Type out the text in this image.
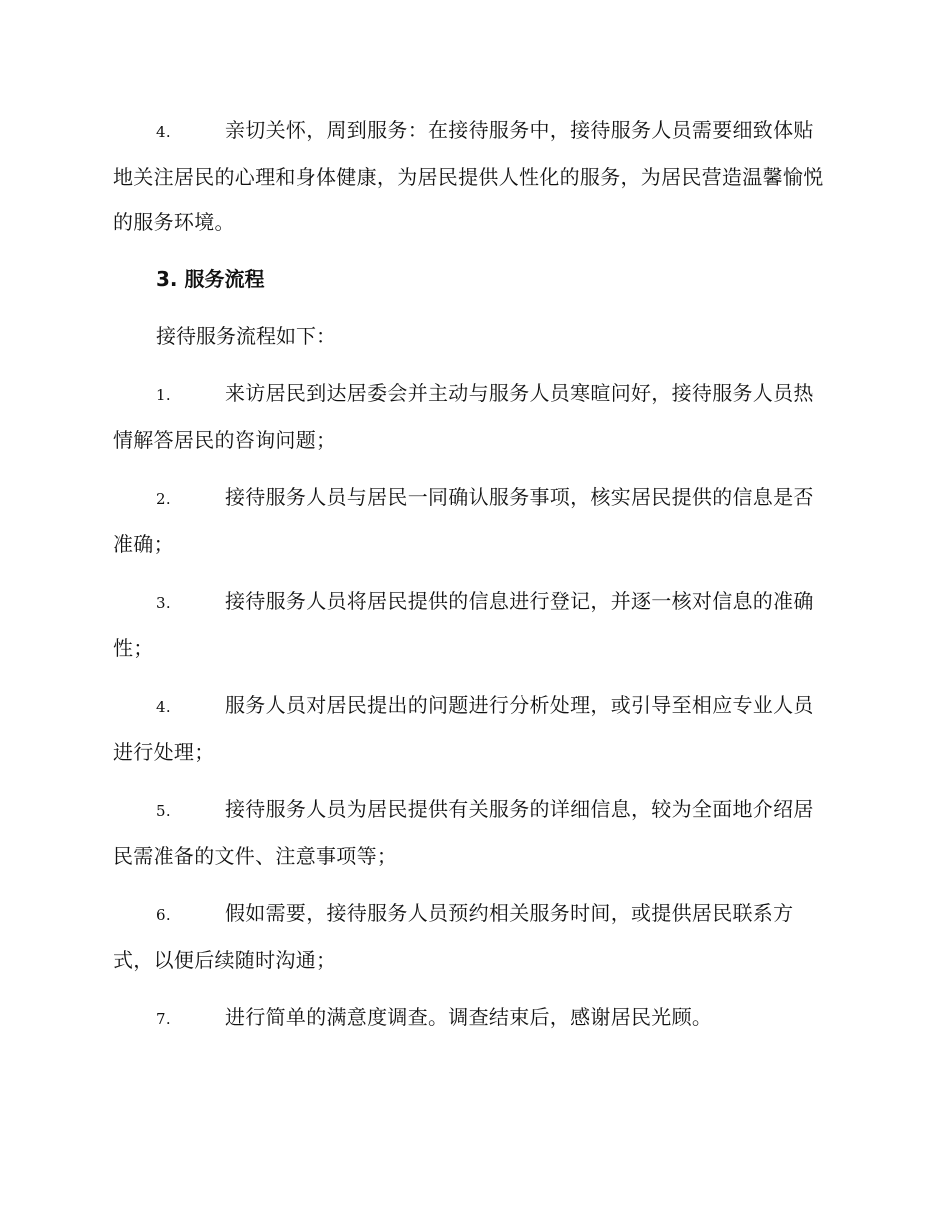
4.	亲切关怀，周到服务：在接待服务中，接待服务人员需要细致体贴地关注居民的心理和身体健康，为居民提供人性化的服务，为居民营造温馨愉悦的服务环境。
3. 服务流程
接待服务流程如下：
1.	来访居民到达居委会并主动与服务人员寒暄问好，接待服务人员热情解答居民的咨询问题；
2.	接待服务人员与居民一同确认服务事项，核实居民提供的信息是否准确；
3.	接待服务人员将居民提供的信息进行登记，并逐一核对信息的准确性；
4.	服务人员对居民提出的问题进行分析处理，或引导至相应专业人员进行处理；
5.	接待服务人员为居民提供有关服务的详细信息，较为全面地介绍居民需准备的文件、注意事项等；
6.	假如需要，接待服务人员预约相关服务时间，或提供居民联系方式，以便后续随时沟通；
7.	进行简单的满意度调查。调查结束后，感谢居民光顾。
